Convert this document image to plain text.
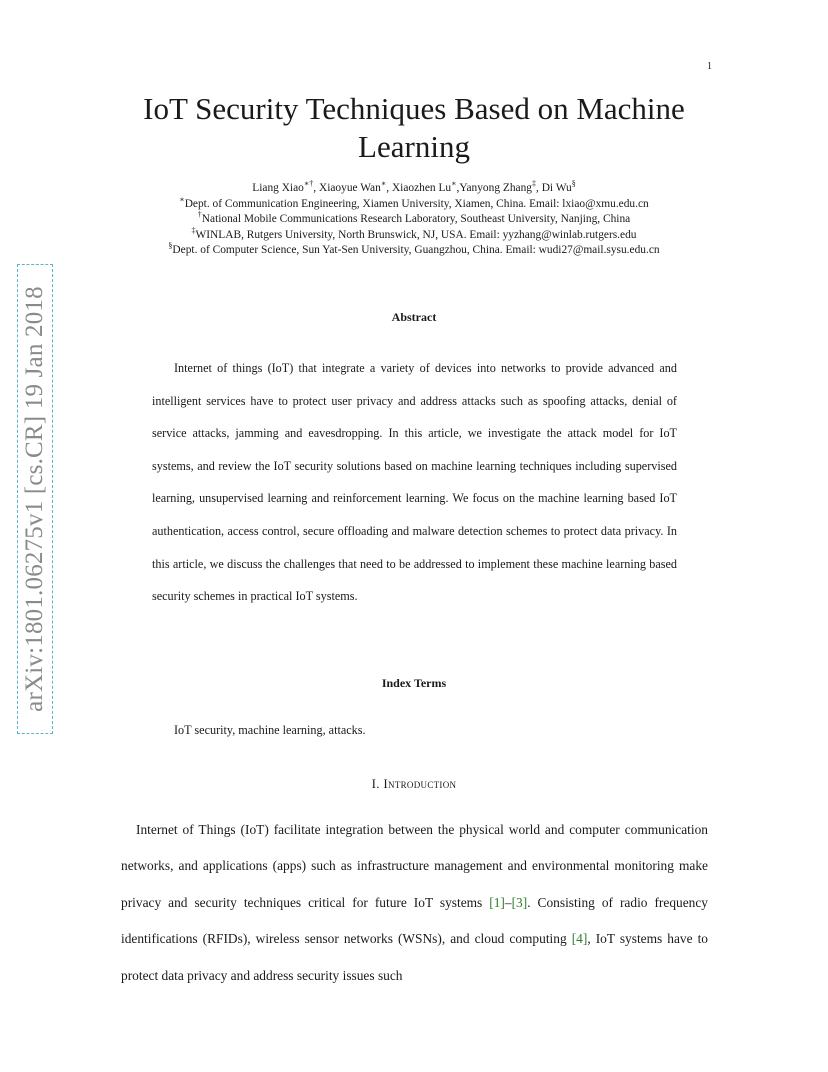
1
arXiv:1801.06275v1 [cs.CR] 19 Jan 2018
IoT Security Techniques Based on Machine Learning
Liang Xiao∗†, Xiaoyue Wan∗, Xiaozhen Lu∗,Yanyong Zhang‡, Di Wu§
∗Dept. of Communication Engineering, Xiamen University, Xiamen, China. Email: lxiao@xmu.edu.cn
†National Mobile Communications Research Laboratory, Southeast University, Nanjing, China
‡WINLAB, Rutgers University, North Brunswick, NJ, USA. Email: yyzhang@winlab.rutgers.edu
§Dept. of Computer Science, Sun Yat-Sen University, Guangzhou, China. Email: wudi27@mail.sysu.edu.cn
Abstract

Internet of things (IoT) that integrate a variety of devices into networks to provide advanced and intelligent services have to protect user privacy and address attacks such as spoofing attacks, denial of service attacks, jamming and eavesdropping. In this article, we investigate the attack model for IoT systems, and review the IoT security solutions based on machine learning techniques including supervised learning, unsupervised learning and reinforcement learning. We focus on the machine learning based IoT authentication, access control, secure offloading and malware detection schemes to protect data privacy. In this article, we discuss the challenges that need to be addressed to implement these machine learning based security schemes in practical IoT systems.

Index Terms

IoT security, machine learning, attacks.

I. Introduction

Internet of Things (IoT) facilitate integration between the physical world and computer communication networks, and applications (apps) such as infrastructure management and environmental monitoring make privacy and security techniques critical for future IoT systems [1]–[3]. Consisting of radio frequency identifications (RFIDs), wireless sensor networks (WSNs), and cloud computing [4], IoT systems have to protect data privacy and address security issues such
